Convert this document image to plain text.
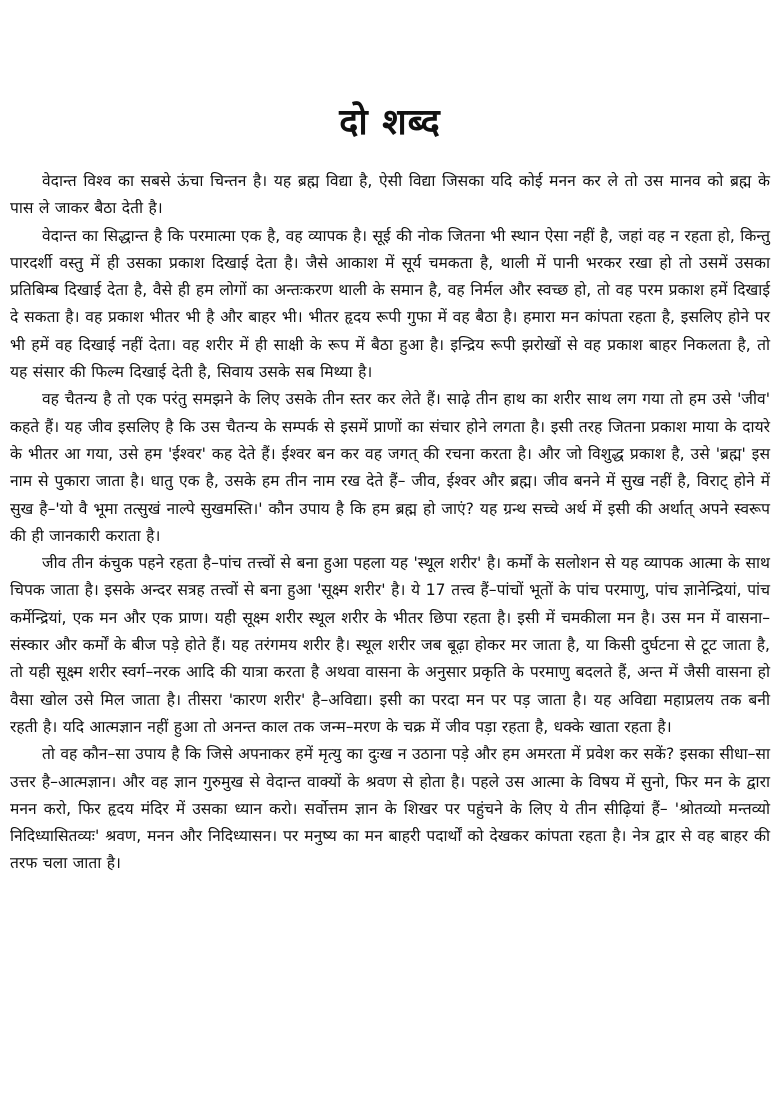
दो शब्द

वेदान्त विश्व का सबसे ऊंचा चिन्तन है। यह ब्रह्म विद्या है, ऐसी विद्या जिसका यदि कोई मनन कर ले तो उस मानव को ब्रह्म के पास ले जाकर बैठा देती है।

वेदान्त का सिद्धान्त है कि परमात्मा एक है, वह व्यापक है। सूई की नोक जितना भी स्थान ऐसा नहीं है, जहां वह न रहता हो, किन्तु पारदर्शी वस्तु में ही उसका प्रकाश दिखाई देता है। जैसे आकाश में सूर्य चमकता है, थाली में पानी भरकर रखा हो तो उसमें उसका प्रतिबिम्ब दिखाई देता है, वैसे ही हम लोगों का अन्तःकरण थाली के समान है, वह निर्मल और स्वच्छ हो, तो वह परम प्रकाश हमें दिखाई दे सकता है। वह प्रकाश भीतर भी है और बाहर भी। भीतर हृदय रूपी गुफा में वह बैठा है। हमारा मन कांपता रहता है, इसलिए होने पर भी हमें वह दिखाई नहीं देता। वह शरीर में ही साक्षी के रूप में बैठा हुआ है। इन्द्रिय रूपी झरोखों से वह प्रकाश बाहर निकलता है, तो यह संसार की फिल्म दिखाई देती है, सिवाय उसके सब मिथ्या है।

वह चैतन्य है तो एक परंतु समझने के लिए उसके तीन स्तर कर लेते हैं। साढ़े तीन हाथ का शरीर साथ लग गया तो हम उसे 'जीव' कहते हैं। यह जीव इसलिए है कि उस चैतन्य के सम्पर्क से इसमें प्राणों का संचार होने लगता है। इसी तरह जितना प्रकाश माया के दायरे के भीतर आ गया, उसे हम 'ईश्वर' कह देते हैं। ईश्वर बन कर वह जगत् की रचना करता है। और जो विशुद्ध प्रकाश है, उसे 'ब्रह्म' इस नाम से पुकारा जाता है। धातु एक है, उसके हम तीन नाम रख देते हैं– जीव, ईश्वर और ब्रह्म। जीव बनने में सुख नहीं है, विराट् होने में सुख है–'यो वै भूमा तत्सुखं नाल्पे सुखमस्ति।' कौन उपाय है कि हम ब्रह्म हो जाएं? यह ग्रन्थ सच्चे अर्थ में इसी की अर्थात् अपने स्वरूप की ही जानकारी कराता है।

जीव तीन कंचुक पहने रहता है–पांच तत्त्वों से बना हुआ पहला यह 'स्थूल शरीर' है। कर्मों के सलोशन से यह व्यापक आत्मा के साथ चिपक जाता है। इसके अन्दर सत्रह तत्त्वों से बना हुआ 'सूक्ष्म शरीर' है। ये 17 तत्त्व हैं–पांचों भूतों के पांच परमाणु, पांच ज्ञानेन्द्रियां, पांच कर्मेन्द्रियां, एक मन और एक प्राण। यही सूक्ष्म शरीर स्थूल शरीर के भीतर छिपा रहता है। इसी में चमकीला मन है। उस मन में वासना–संस्कार और कर्मों के बीज पड़े होते हैं। यह तरंगमय शरीर है। स्थूल शरीर जब बूढ़ा होकर मर जाता है, या किसी दुर्घटना से टूट जाता है, तो यही सूक्ष्म शरीर स्वर्ग–नरक आदि की यात्रा करता है अथवा वासना के अनुसार प्रकृति के परमाणु बदलते हैं, अन्त में जैसी वासना हो वैसा खोल उसे मिल जाता है। तीसरा 'कारण शरीर' है–अविद्या। इसी का परदा मन पर पड़ जाता है। यह अविद्या महाप्रलय तक बनी रहती है। यदि आत्मज्ञान नहीं हुआ तो अनन्त काल तक जन्म–मरण के चक्र में जीव पड़ा रहता है, धक्के खाता रहता है।

तो वह कौन–सा उपाय है कि जिसे अपनाकर हमें मृत्यु का दुःख न उठाना पड़े और हम अमरता में प्रवेश कर सकें? इसका सीधा–सा उत्तर है–आत्मज्ञान। और वह ज्ञान गुरुमुख से वेदान्त वाक्यों के श्रवण से होता है। पहले उस आत्मा के विषय में सुनो, फिर मन के द्वारा मनन करो, फिर हृदय मंदिर में उसका ध्यान करो। सर्वोत्तम ज्ञान के शिखर पर पहुंचने के लिए ये तीन सीढ़ियां हैं– 'श्रोतव्यो मन्तव्यो निदिध्यासितव्यः' श्रवण, मनन और निदिध्यासन। पर मनुष्य का मन बाहरी पदार्थों को देखकर कांपता रहता है। नेत्र द्वार से वह बाहर की तरफ चला जाता है।
